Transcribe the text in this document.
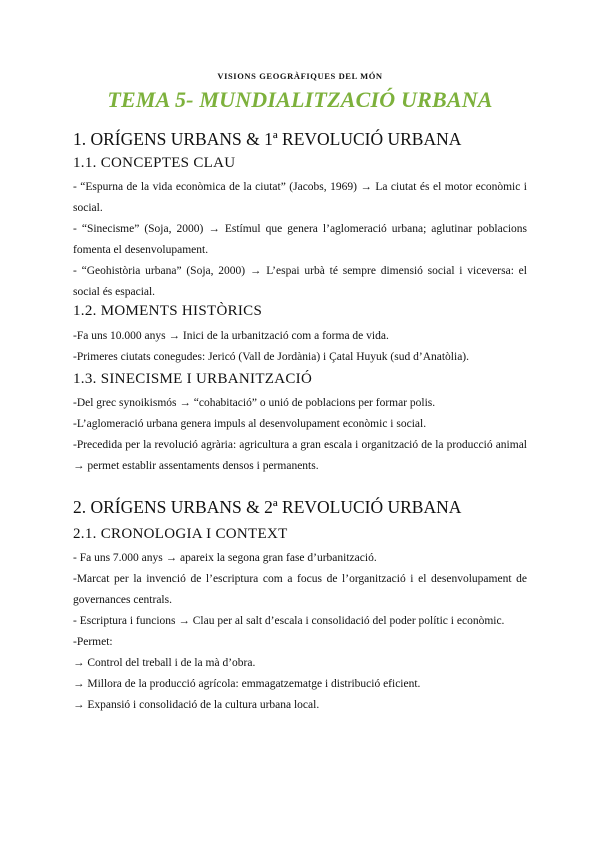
VISIONS GEOGRÀFIQUES DEL MÓN
TEMA 5- MUNDIALITZACIÓ URBANA
1. ORÍGENS URBANS & 1ª REVOLUCIÓ URBANA
1.1. CONCEPTES CLAU
- “Espurna de la vida econòmica de la ciutat” (Jacobs, 1969) → La ciutat és el motor econòmic i social.
- “Sinecisme” (Soja, 2000) → Estímul que genera l’aglomeració urbana; aglutinar poblacions fomenta el desenvolupament.
- “Geohistòria urbana” (Soja, 2000) → L’espai urbà té sempre dimensió social i viceversa: el social és espacial.
1.2. MOMENTS HISTÒRICS
-Fa uns 10.000 anys → Inici de la urbanització com a forma de vida.
-Primeres ciutats conegudes: Jericó (Vall de Jordània) i Çatal Huyuk (sud d’Anatòlia).
1.3. SINECISME I URBANITZACIÓ
-Del grec synoikismós → “cohabitació” o unió de poblacions per formar polis.
-L’aglomeració urbana genera impuls al desenvolupament econòmic i social.
-Precedida per la revolució agrària: agricultura a gran escala i organització de la producció animal → permet establir assentaments densos i permanents.
2. ORÍGENS URBANS & 2ª REVOLUCIÓ URBANA
2.1. CRONOLOGIA I CONTEXT
- Fa uns 7.000 anys → apareix la segona gran fase d’urbanització.
-Marcat per la invenció de l’escriptura com a focus de l’organització i el desenvolupament de governances centrals.
- Escriptura i funcions → Clau per al salt d’escala i consolidació del poder polític i econòmic.
-Permet:
→ Control del treball i de la mà d’obra.
→ Millora de la producció agrícola: emmagatzematge i distribució eficient.
→ Expansió i consolidació de la cultura urbana local.
